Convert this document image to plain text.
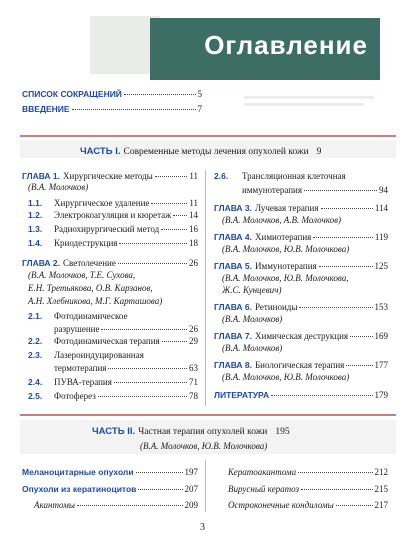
Оглавление
СПИСОК СОКРАЩЕНИЙ	5
ВВЕДЕНИЕ	7
ЧАСТЬ I. Современные методы лечения опухолей кожи 9
ГЛАВА 1. Хирургические методы	11
(В.А. Молочков)
1.1.	Хирургическое удаление	11
1.2.	Электрокоагуляция и кюретаж 14
1.3.	Радиохирургический метод	16
1.4.	Криодеструкция	18
ГЛАВА 2. Светолечение	26
(В.А. Молочков, Т.Е. Сухова,
Е.Н. Третьякова, О.В. Карзанов,
А.Н. Хлебникова, М.Г. Карташова)
2.1.	Фотодинамическое
разрушение	26
2.2.	Фотодинамическая терапия	29
2.3.	Лазероиндуцированная
термотерапия	63
2.4.	ПУВА-терапия	71
2.5.	Фотоферез	78
2.6.	Трансляционная клеточная
иммунотерапия	94
ГЛАВА 3. Лучевая терапия	114
(В.А. Молочков, А.В. Молочков)
ГЛАВА 4. Химиотерапия	119
(В.А. Молочков, Ю.В. Молочкова)
ГЛАВА 5. Иммунотерапия	125
(В.А. Молочков, Ю.В. Молочкова,
Ж.С. Кунцевич)
ГЛАВА 6. Ретиноиды	153
(В.А. Молочков)
ГЛАВА 7. Химическая деструкция	169
(В.А. Молочков)
ГЛАВА 8. Биологическая терапия	177
(В.А. Молочков, Ю.В. Молочкова)
ЛИТЕРАТУРА	179
ЧАСТЬ II. Частная терапия опухолей кожи 195
(В.А. Молочков, Ю.В. Молочкова)
Меланоцитарные опухоли	197
Опухоли из кератиноцитов	207
Акантомы	209
Кератоакантома	212
Вирусный кератоз	215
Остроконечные кондиломы	217
3
